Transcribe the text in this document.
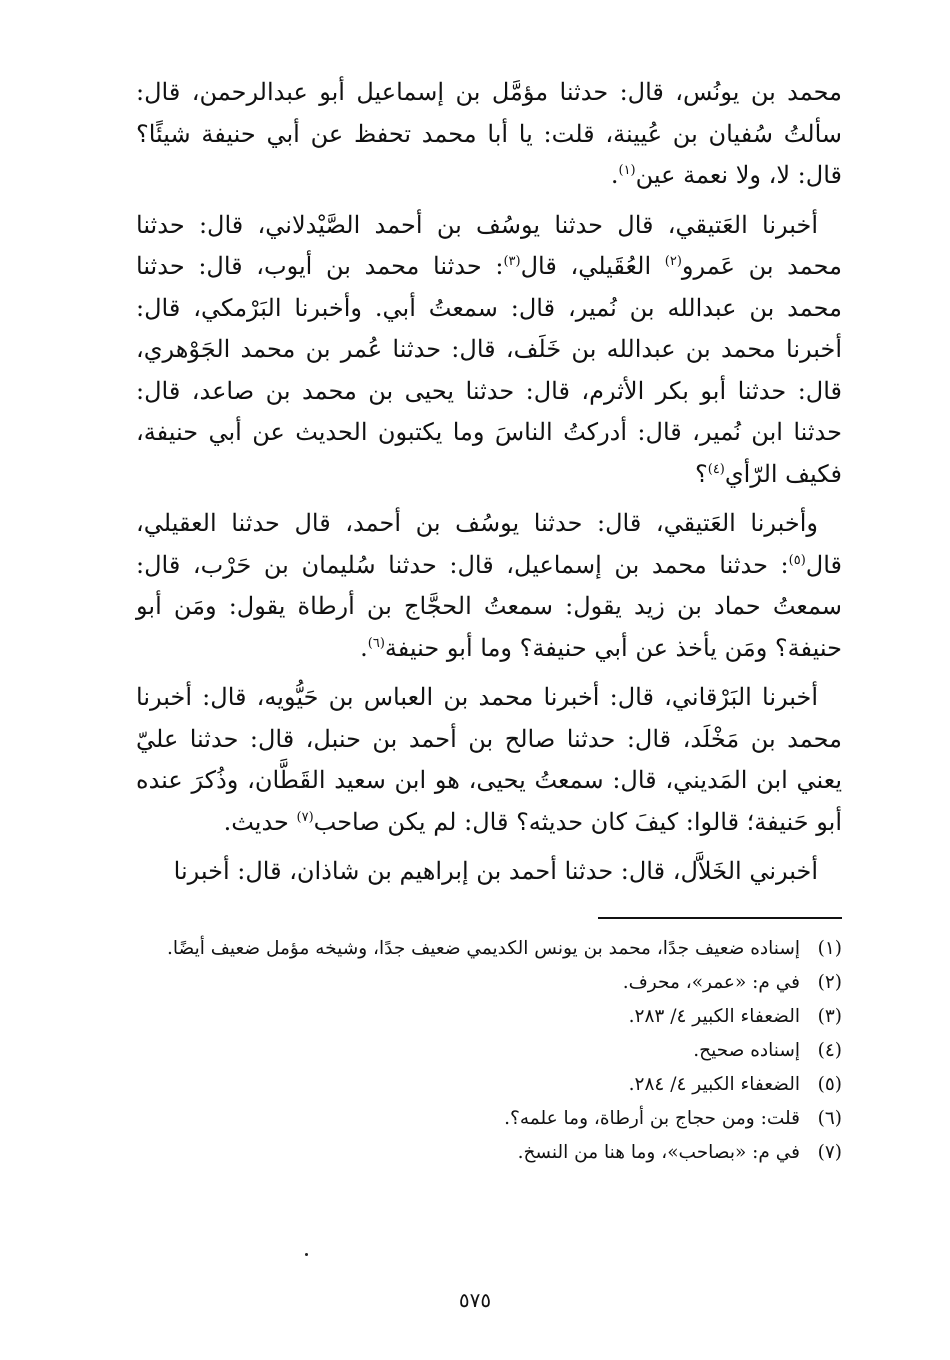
محمد بن يونُس، قال: حدثنا مؤمَّل بن إسماعيل أبو عبدالرحمن، قال: سألتُ سُفيان بن عُيينة، قلت: يا أبا محمد تحفظ عن أبي حنيفة شيئًا؟ قال: لا، ولا نعمة عين$^{(١)}$.

أخبرنا العَتيقي، قال حدثنا يوسُف بن أحمد الصَّيْدلاني، قال: حدثنا محمد بن عَمرو$^{(٢)}$ العُقَيلي، قال$^{(٣)}$: حدثنا محمد بن أيوب، قال: حدثنا محمد بن عبدالله بن نُمير، قال: سمعتُ أبي. وأخبرنا البَرْمكي، قال: أخبرنا محمد بن عبدالله بن خَلَف، قال: حدثنا عُمر بن محمد الجَوْهري، قال: حدثنا أبو بكر الأثرم، قال: حدثنا يحيى بن محمد بن صاعد، قال: حدثنا ابن نُمير، قال: أدركتُ الناسَ وما يكتبون الحديث عن أبي حنيفة، فكيف الرّأي$^{(٤)}$؟

وأخبرنا العَتيقي، قال: حدثنا يوسُف بن أحمد، قال حدثنا العقيلي، قال$^{(٥)}$: حدثنا محمد بن إسماعيل، قال: حدثنا سُليمان بن حَرْب، قال: سمعتُ حماد بن زيد يقول: سمعتُ الحجَّاج بن أرطاة يقول: ومَن أبو حنيفة؟ ومَن يأخذ عن أبي حنيفة؟ وما أبو حنيفة$^{(٦)}$.

أخبرنا البَرْقاني، قال: أخبرنا محمد بن العباس بن حَيُّويه، قال: أخبرنا محمد بن مَخْلَد، قال: حدثنا صالح بن أحمد بن حنبل، قال: حدثنا عليّ يعني ابن المَديني، قال: سمعتُ يحيى، هو ابن سعيد القَطَّان، وذُكرَ عنده أبو حَنيفة؛ قالوا: كيفَ كان حديثه؟ قال: لم يكن صاحب$^{(٧)}$ حديث.

أخبرني الخَلاَّل، قال: حدثنا أحمد بن إبراهيم بن شاذان، قال: أخبرنا

(١)
إسناده ضعيف جدًا، محمد بن يونس الكديمي ضعيف جدًا، وشيخه مؤمل ضعيف أيضًا.
(٢)
في م: «عمر»، محرف.
(٣)
الضعفاء الكبير ٤/ ٢٨٣.
(٤)
إسناده صحيح.
(٥)
الضعفاء الكبير ٤/ ٢٨٤.
(٦)
قلت: ومن حجاج بن أرطاة، وما علمه؟.
(٧)
في م: «بصاحب»، وما هنا من النسخ.
٥٧٥
